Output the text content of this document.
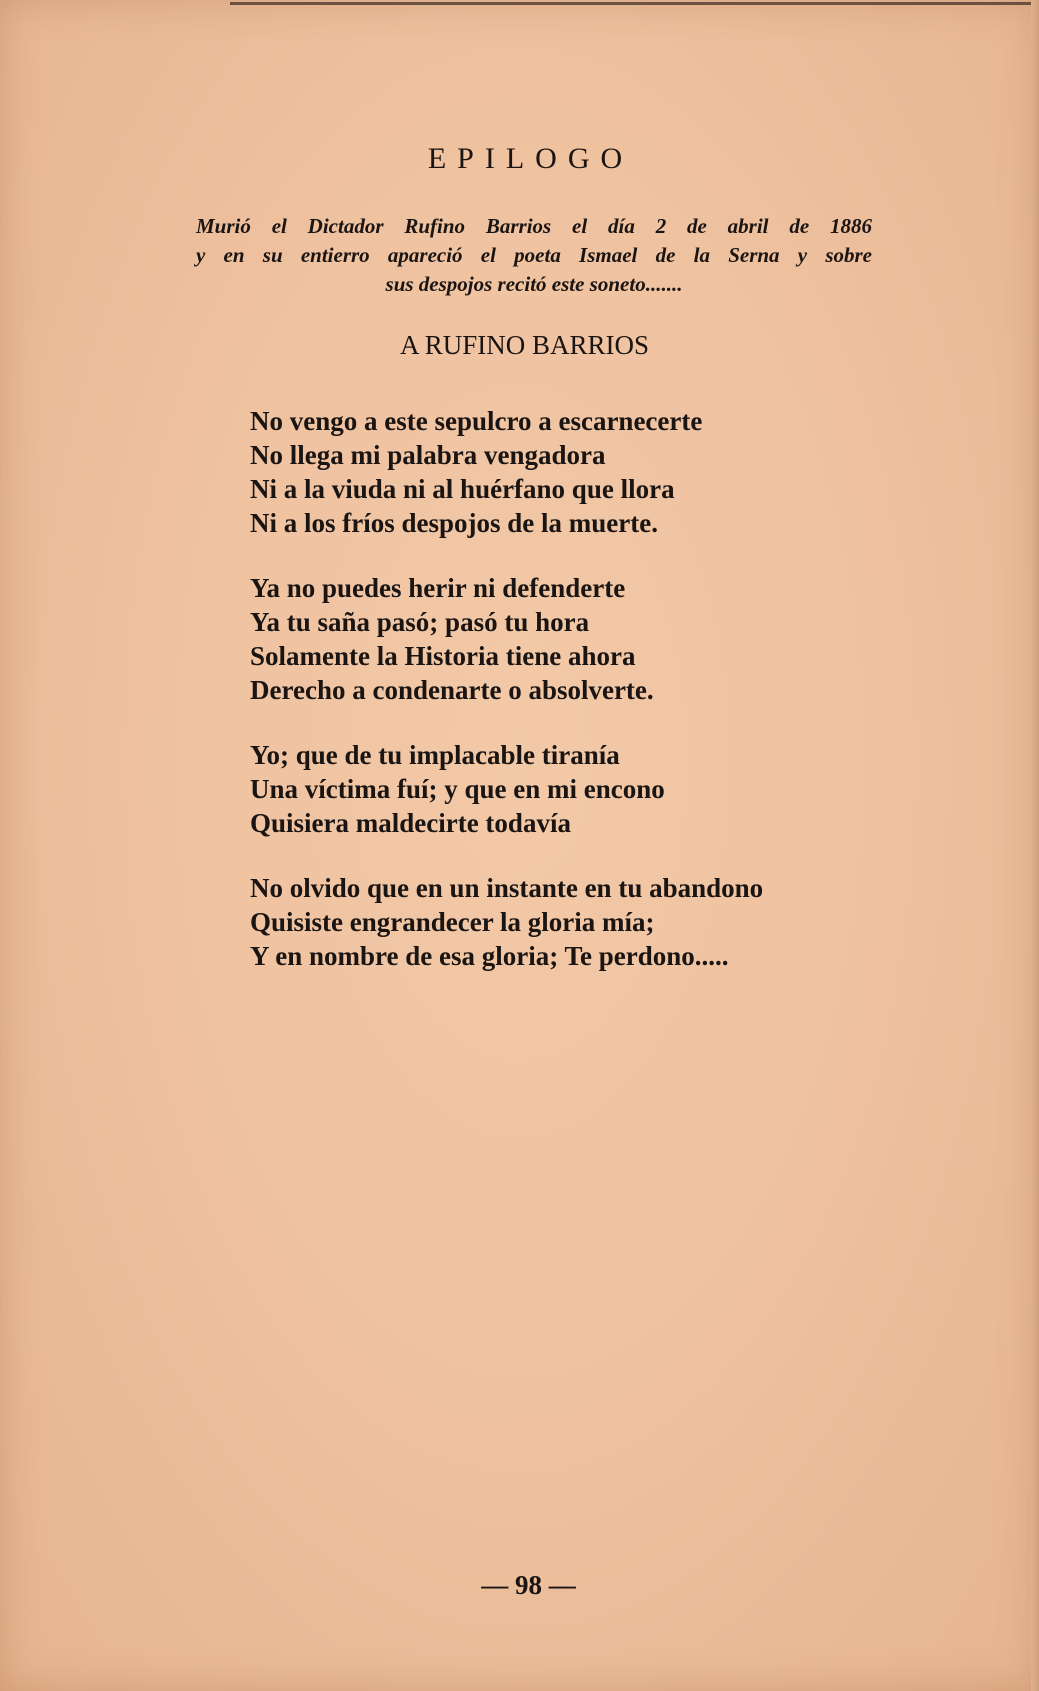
EPILOGO
Murió el Dictador Rufino Barrios el día 2 de abril de 1886
y en su entierro apareció el poeta Ismael de la Serna y sobre
sus despojos recitó este soneto.......
A RUFINO BARRIOS
No vengo a este sepulcro a escarnecerte
No llega mi palabra vengadora
Ni a la viuda ni al huérfano que llora
Ni a los fríos despojos de la muerte.
Ya no puedes herir ni defenderte
Ya tu saña pasó; pasó tu hora
Solamente la Historia tiene ahora
Derecho a condenarte o absolverte.
Yo; que de tu implacable tiranía
Una víctima fuí; y que en mi encono
Quisiera maldecirte todavía
No olvido que en un instante en tu abandono
Quisiste engrandecer la gloria mía;
Y en nombre de esa gloria; Te perdono.....
— 98 —
